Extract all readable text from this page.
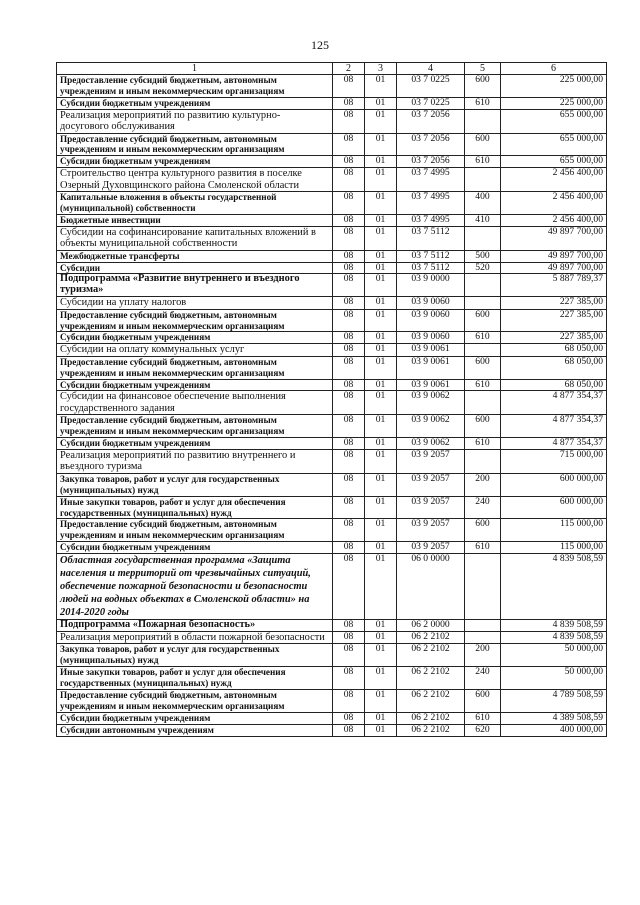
125
1	2	3	4	5	6
Предоставление субсидий бюджетным, автономным учреждениям и иным некоммерческим организациям	08	01	03 7 0225	600	225 000,00
Субсидии бюджетным учреждениям	08	01	03 7 0225	610	225 000,00
Реализация мероприятий по развитию культурно-досугового обслуживания	08	01	03 7 2056		655 000,00
Предоставление субсидий бюджетным, автономным учреждениям и иным некоммерческим организациям	08	01	03 7 2056	600	655 000,00
Субсидии бюджетным учреждениям	08	01	03 7 2056	610	655 000,00
Строительство центра культурного развития в поселке Озерный Духовщинского района Смоленской области	08	01	03 7 4995		2 456 400,00
Капитальные вложения в объекты государственной (муниципальной) собственности	08	01	03 7 4995	400	2 456 400,00
Бюджетные инвестиции	08	01	03 7 4995	410	2 456 400,00
Субсидии на софинансирование капитальных вложений в объекты муниципальной собственности	08	01	03 7 5112		49 897 700,00
Межбюджетные трансферты	08	01	03 7 5112	500	49 897 700,00
Субсидии	08	01	03 7 5112	520	49 897 700,00
Подпрограмма «Развитие внутреннего и въездного туризма»	08	01	03 9 0000		5 887 789,37
Субсидии на уплату налогов	08	01	03 9 0060		227 385,00
Предоставление субсидий бюджетным, автономным учреждениям и иным некоммерческим организациям	08	01	03 9 0060	600	227 385,00
Субсидии бюджетным учреждениям	08	01	03 9 0060	610	227 385,00
Субсидии на оплату коммунальных услуг	08	01	03 9 0061		68 050,00
Предоставление субсидий бюджетным, автономным учреждениям и иным некоммерческим организациям	08	01	03 9 0061	600	68 050,00
Субсидии бюджетным учреждениям	08	01	03 9 0061	610	68 050,00
Субсидии на финансовое обеспечение выполнения государственного задания	08	01	03 9 0062		4 877 354,37
Предоставление субсидий бюджетным, автономным учреждениям и иным некоммерческим организациям	08	01	03 9 0062	600	4 877 354,37
Субсидии бюджетным учреждениям	08	01	03 9 0062	610	4 877 354,37
Реализация мероприятий по развитию внутреннего и въездного туризма	08	01	03 9 2057		715 000,00
Закупка товаров, работ и услуг для государственных (муниципальных) нужд	08	01	03 9 2057	200	600 000,00
Иные закупки товаров, работ и услуг для обеспечения государственных (муниципальных) нужд	08	01	03 9 2057	240	600 000,00
Предоставление субсидий бюджетным, автономным учреждениям и иным некоммерческим организациям	08	01	03 9 2057	600	115 000,00
Субсидии бюджетным учреждениям	08	01	03 9 2057	610	115 000,00
Областная государственная программа «Защита населения и территорий от чрезвычайных ситуаций, обеспечение пожарной безопасности и безопасности людей на водных объектах в Смоленской области» на 2014-2020 годы	08	01	06 0 0000		4 839 508,59
Подпрограмма «Пожарная безопасность»	08	01	06 2 0000		4 839 508,59
Реализация мероприятий в области пожарной безопасности	08	01	06 2 2102		4 839 508,59
Закупка товаров, работ и услуг для государственных (муниципальных) нужд	08	01	06 2 2102	200	50 000,00
Иные закупки товаров, работ и услуг для обеспечения государственных (муниципальных) нужд	08	01	06 2 2102	240	50 000,00
Предоставление субсидий бюджетным, автономным учреждениям и иным некоммерческим организациям	08	01	06 2 2102	600	4 789 508,59
Субсидии бюджетным учреждениям	08	01	06 2 2102	610	4 389 508,59
Субсидии автономным учреждениям	08	01	06 2 2102	620	400 000,00
